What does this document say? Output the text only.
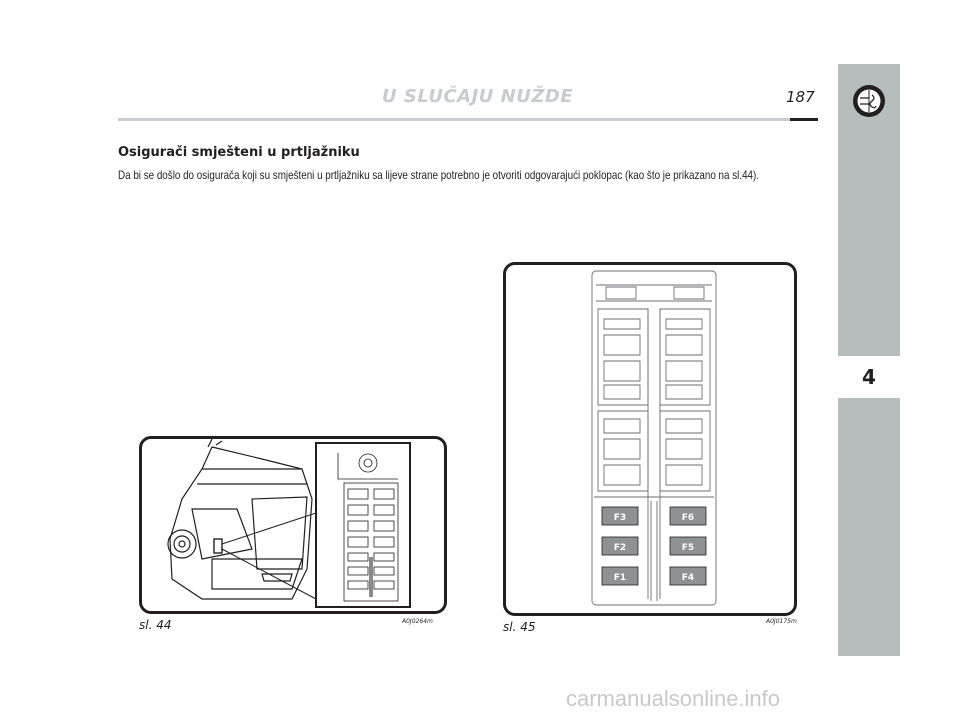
U SLUČAJU NUŽDE	187
4
Osigurači smješteni u prtljažniku
Da bi se došlo do osigurača koji su smješteni u prtljažniku sa lijeve strane potrebno je otvoriti odgovarajući poklopac (kao što je prikazano na sl.44).
sl. 44	A0J0264m
F3	F6
F2	F5
F1	F4
sl. 45	A0J0175m
carmanualsonline.info
